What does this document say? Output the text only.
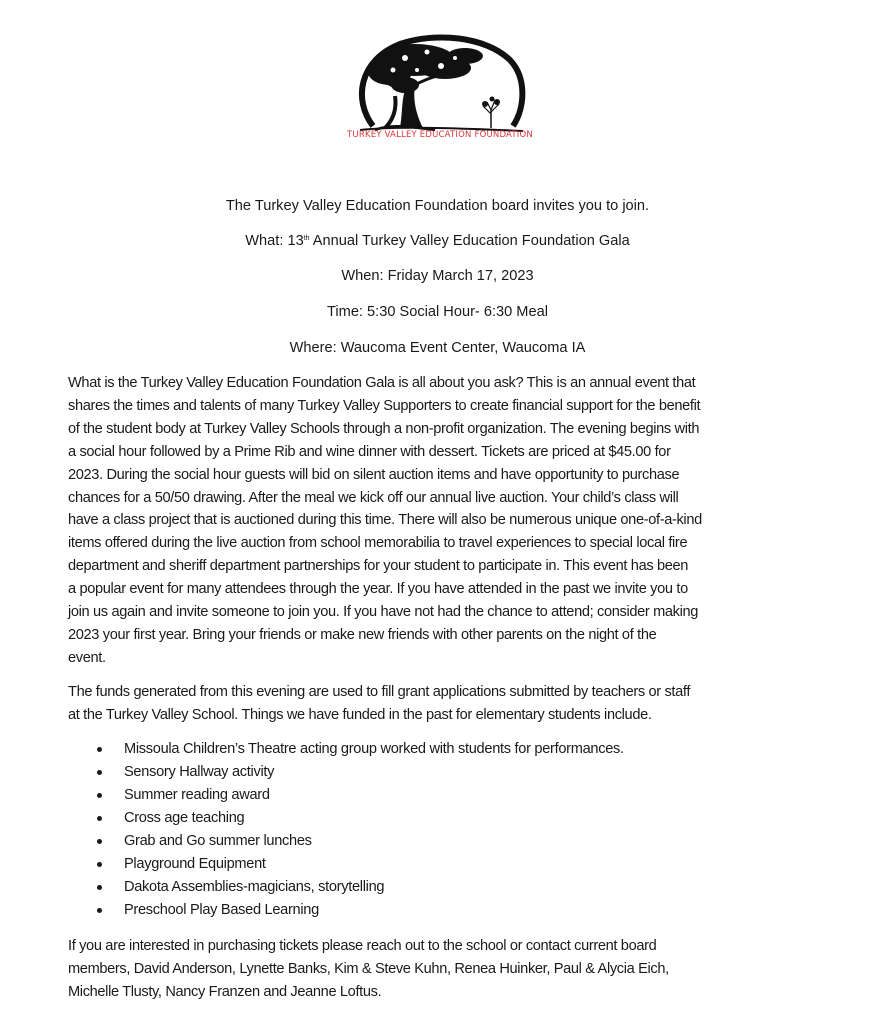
TURKEY VALLEY EDUCATION FOUNDATION
The Turkey Valley Education Foundation board invites you to join.
What: 13th Annual Turkey Valley Education Foundation Gala
When: Friday March 17, 2023
Time: 5:30 Social Hour- 6:30 Meal
Where: Waucoma Event Center, Waucoma IA
What is the Turkey Valley Education Foundation Gala is all about you ask? This is an annual event that
shares the times and talents of many Turkey Valley Supporters to create financial support for the benefit
of the student body at Turkey Valley Schools through a non-profit organization. The evening begins with
a social hour followed by a Prime Rib and wine dinner with dessert. Tickets are priced at $45.00 for
2023. During the social hour guests will bid on silent auction items and have opportunity to purchase
chances for a 50/50 drawing. After the meal we kick off our annual live auction. Your child’s class will
have a class project that is auctioned during this time. There will also be numerous unique one-of-a-kind
items offered during the live auction from school memorabilia to travel experiences to special local fire
department and sheriff department partnerships for your student to participate in. This event has been
a popular event for many attendees through the year. If you have attended in the past we invite you to
join us again and invite someone to join you. If you have not had the chance to attend; consider making
2023 your first year. Bring your friends or make new friends with other parents on the night of the
event.
The funds generated from this evening are used to fill grant applications submitted by teachers or staff
at the Turkey Valley School. Things we have funded in the past for elementary students include.
Missoula Children’s Theatre acting group worked with students for performances.
Sensory Hallway activity
Summer reading award
Cross age teaching
Grab and Go summer lunches
Playground Equipment
Dakota Assemblies-magicians, storytelling
Preschool Play Based Learning
If you are interested in purchasing tickets please reach out to the school or contact current board
members, David Anderson, Lynette Banks, Kim & Steve Kuhn, Renea Huinker, Paul & Alycia Eich,
Michelle Tlusty, Nancy Franzen and Jeanne Loftus.
